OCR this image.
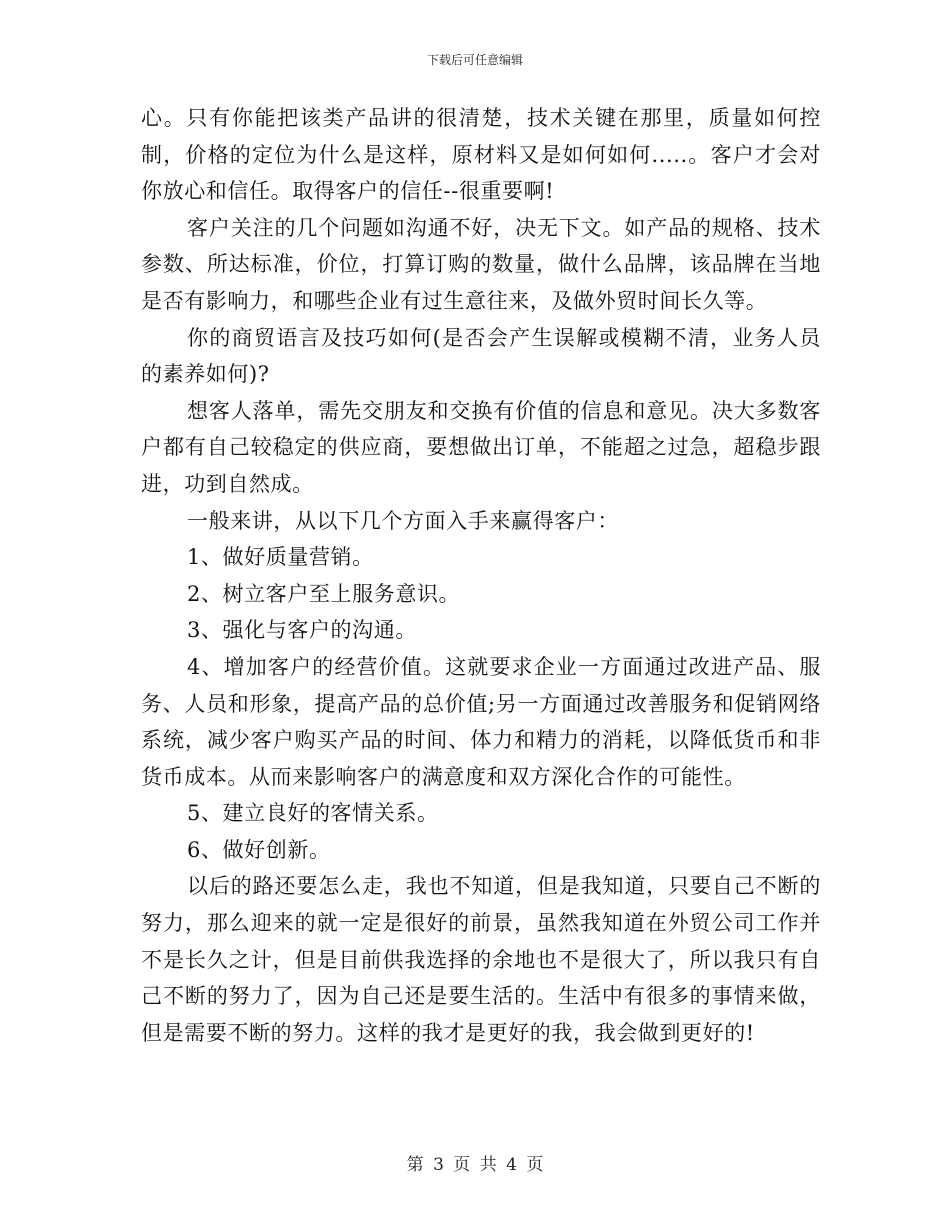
下载后可任意编辑

心。只有你能把该类产品讲的很清楚，技术关键在那里，质量如何控制，价格的定位为什么是这样，原材料又是如何如何.....。客户才会对你放心和信任。取得客户的信任--很重要啊!

客户关注的几个问题如沟通不好，决无下文。如产品的规格、技术参数、所达标准，价位，打算订购的数量，做什么品牌，该品牌在当地是否有影响力，和哪些企业有过生意往来，及做外贸时间长久等。

你的商贸语言及技巧如何(是否会产生误解或模糊不清，业务人员的素养如何)?

想客人落单，需先交朋友和交换有价值的信息和意见。决大多数客户都有自己较稳定的供应商，要想做出订单，不能超之过急，超稳步跟进，功到自然成。

一般来讲，从以下几个方面入手来赢得客户：

1、做好质量营销。

2、树立客户至上服务意识。

3、强化与客户的沟通。

4、增加客户的经营价值。这就要求企业一方面通过改进产品、服务、人员和形象，提高产品的总价值;另一方面通过改善服务和促销网络系统，减少客户购买产品的时间、体力和精力的消耗，以降低货币和非货币成本。从而来影响客户的满意度和双方深化合作的可能性。

5、建立良好的客情关系。

6、做好创新。

以后的路还要怎么走，我也不知道，但是我知道，只要自己不断的努力，那么迎来的就一定是很好的前景，虽然我知道在外贸公司工作并不是长久之计，但是目前供我选择的余地也不是很大了，所以我只有自己不断的努力了，因为自己还是要生活的。生活中有很多的事情来做，但是需要不断的努力。这样的我才是更好的我，我会做到更好的!

第 3 页 共 4 页
